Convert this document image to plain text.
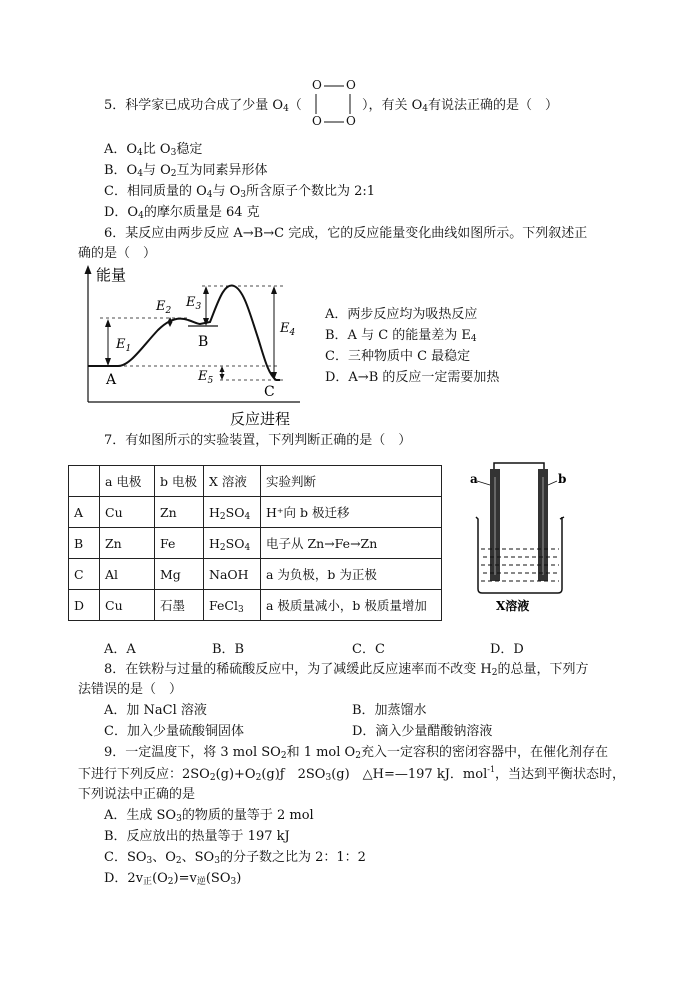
5．科学家已成功合成了少量 $O_4$（
O O
O O
），有关 $O_4$有说法正确的是（　）
A．$O_4$比 $O_3$稳定
B．$O_4$与 $O_2$互为同素异形体
C．相同质量的 $O_4$与 $O_3$所含原子个数比为 2:1
D．$O_4$的摩尔质量是 64 克
6．某反应由两步反应 A→B→C 完成，它的反应能量变化曲线如图所示。下列叙述正
确的是（　）
能量
反应进程
$E_1$
$E_2$
$E_3$
$E_4$
$E_5$
A
B
C
A．两步反应均为吸热反应
B．A 与 C 的能量差为 $E_4$
C．三种物质中 C 最稳定
D．A→B 的反应一定需要加热
7．有如图所示的实验装置，下列判断正确的是（　）
	a 电极	b 电极	X 溶液	实验判断
A	Cu	Zn	$H_2SO_4$	H⁺向 b 极迁移
B	Zn	Fe	$H_2SO_4$	电子从 Zn→Fe→Zn
C	Al	Mg	NaOH	a 为负极，b 为正极
D	Cu	石墨	FeCl$_3$	a 极质量减小，b 极质量增加
a	b
X溶液
A．A	B．B	C．C	D．D
8．在铁粉与过量的稀硫酸反应中，为了减缓此反应速率而不改变 $H_2$的总量，下列方
法错误的是（　）
A．加 NaCl 溶液	B．加蒸馏水
C．加入少量硫酸铜固体	D．滴入少量醋酸钠溶液
9．一定温度下，将 3 mol $SO_2$和 1 mol $O_2$充入一定容积的密闭容器中，在催化剂存在
下进行下列反应：$2SO_2(g)+O_2(g)ƒ$　$2SO_3(g)$　△H=—197 kJ．mol$^{-1}$，当达到平衡状态时，
下列说法中正确的是
A．生成 $SO_3$的物质的量等于 2 mol
B．反应放出的热量等于 197 kJ
C．$SO_3$、$O_2$、$SO_3$的分子数之比为 2：1：2
D．$2v_正(O_2)=v_逆(SO_3)$
